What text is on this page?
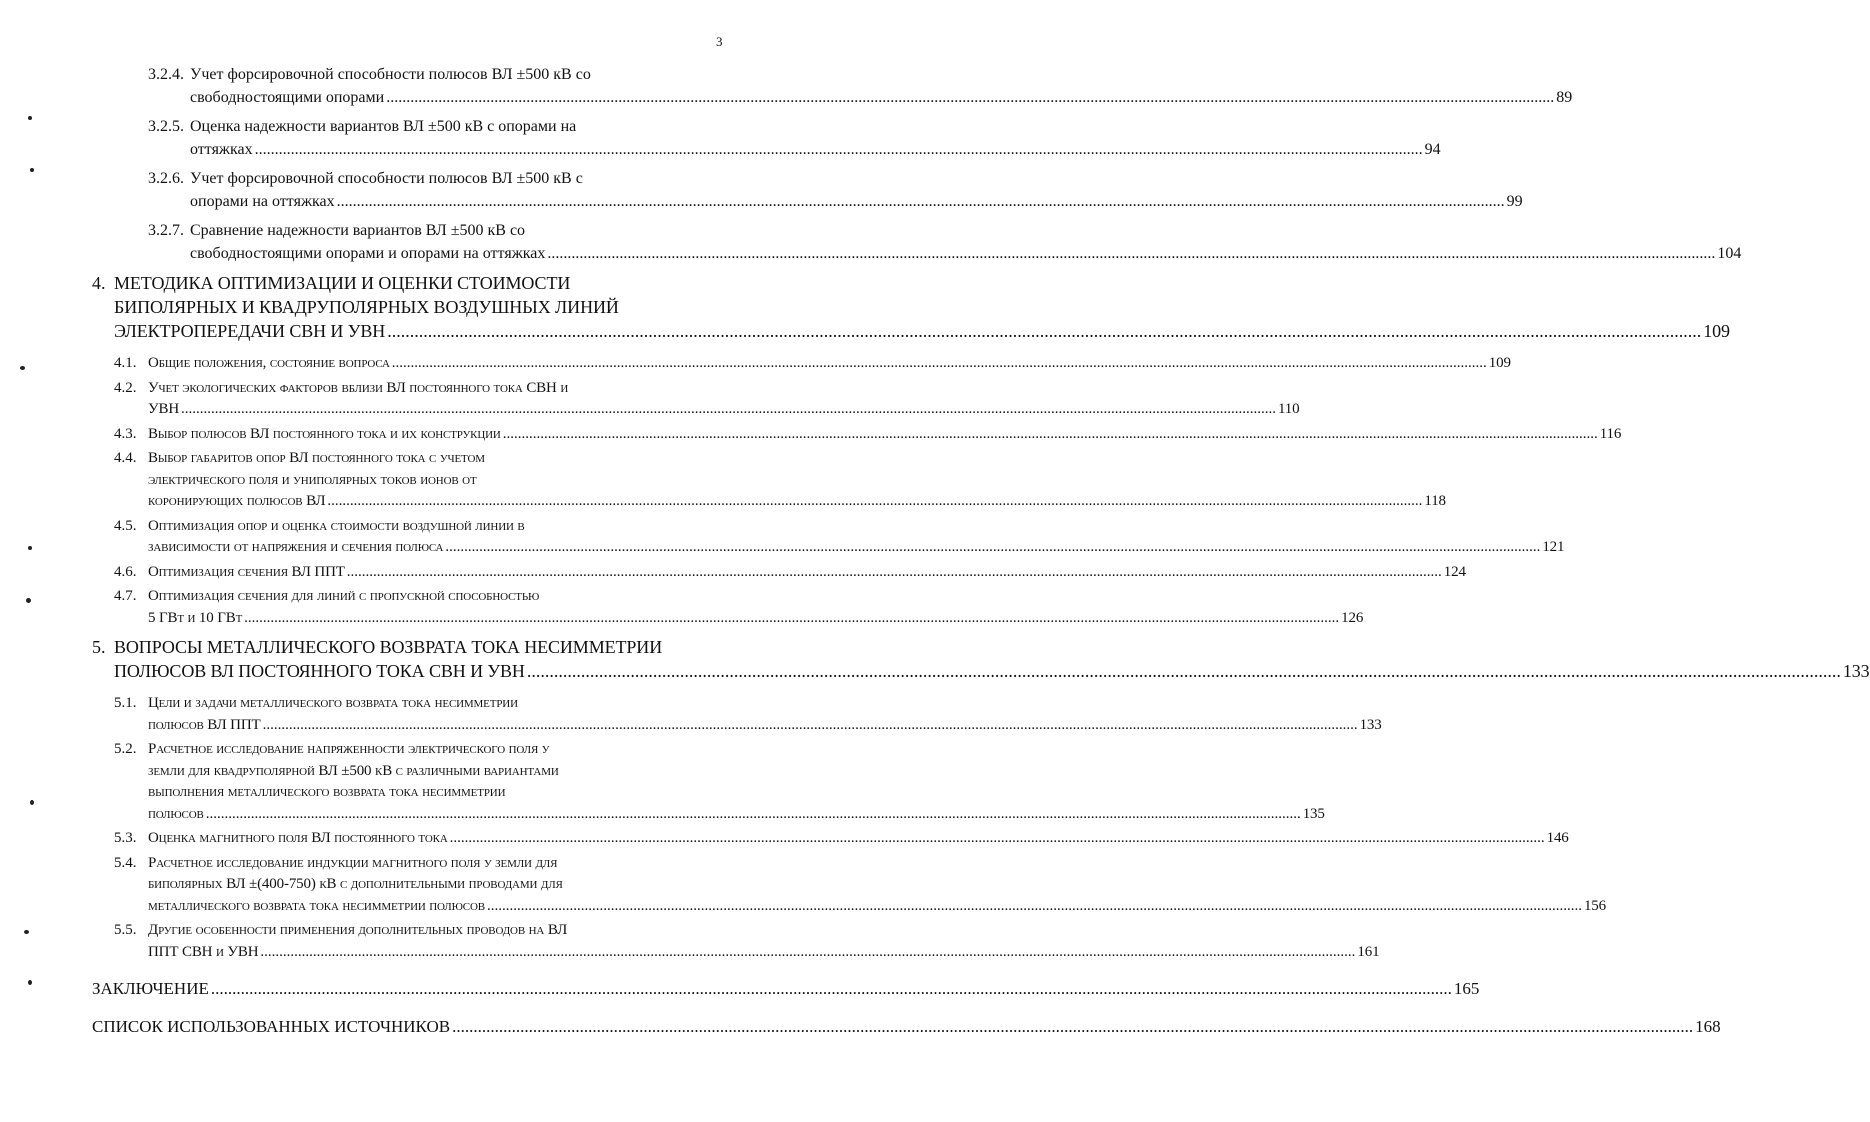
3
3.2.4. Учет форсировочной способности полюсов ВЛ ±500 кВ со
свободностоящими опорами .....	89
3.2.5. Оценка надежности вариантов ВЛ ±500 кВ с опорами на
оттяжках .....	94
3.2.6. Учет форсировочной способности полюсов ВЛ ±500 кВ с
опорами на оттяжках .....	99
3.2.7. Сравнение надежности вариантов ВЛ ±500 кВ со
свободностоящими опорами и опорами на оттяжках .....	104
4. МЕТОДИКА ОПТИМИЗАЦИИ И ОЦЕНКИ СТОИМОСТИ
БИПОЛЯРНЫХ И КВАДРУПОЛЯРНЫХ ВОЗДУШНЫХ ЛИНИЙ
ЭЛЕКТРОПЕРЕДАЧИ СВН И УВН .....	109
4.1. Общие положения, состояние вопроса .....	109
4.2. Учет экологических факторов вблизи ВЛ постоянного тока СВН и
УВН .....	110
4.3. Выбор полюсов ВЛ постоянного тока и их конструкции .....	116
4.4. Выбор габаритов опор ВЛ постоянного тока с учетом
электрического поля и униполярных токов ионов от
коронирующих полюсов ВЛ .....	118
4.5. Оптимизация опор и оценка стоимости воздушной линии в
зависимости от напряжения и сечения полюса .....	121
4.6. Оптимизация сечения ВЛ ППТ .....	124
4.7. Оптимизация сечения для линий с пропускной способностью
5 ГВт и 10 ГВт .....	126
5. ВОПРОСЫ МЕТАЛЛИЧЕСКОГО ВОЗВРАТА ТОКА НЕСИММЕТРИИ
ПОЛЮСОВ ВЛ ПОСТОЯННОГО ТОКА СВН И УВН .....	133
5.1. Цели и задачи металлического возврата тока несимметрии
полюсов ВЛ ППТ .....	133
5.2. Расчетное исследование напряженности электрического поля у
земли для квадруполярной ВЛ ±500 кВ с различными вариантами
выполнения металлического возврата тока несимметрии
полюсов .....	135
5.3. Оценка магнитного поля ВЛ постоянного тока .....	146
5.4. Расчетное исследование индукции магнитного поля у земли для
биполярных ВЛ ±(400-750) кВ с дополнительными проводами для
металлического возврата тока несимметрии полюсов .....	156
5.5. Другие особенности применения дополнительных проводов на ВЛ
ППТ СВН и УВН .....	161
ЗАКЛЮЧЕНИЕ .....	165
СПИСОК ИСПОЛЬЗОВАННЫХ ИСТОЧНИКОВ .....	168
